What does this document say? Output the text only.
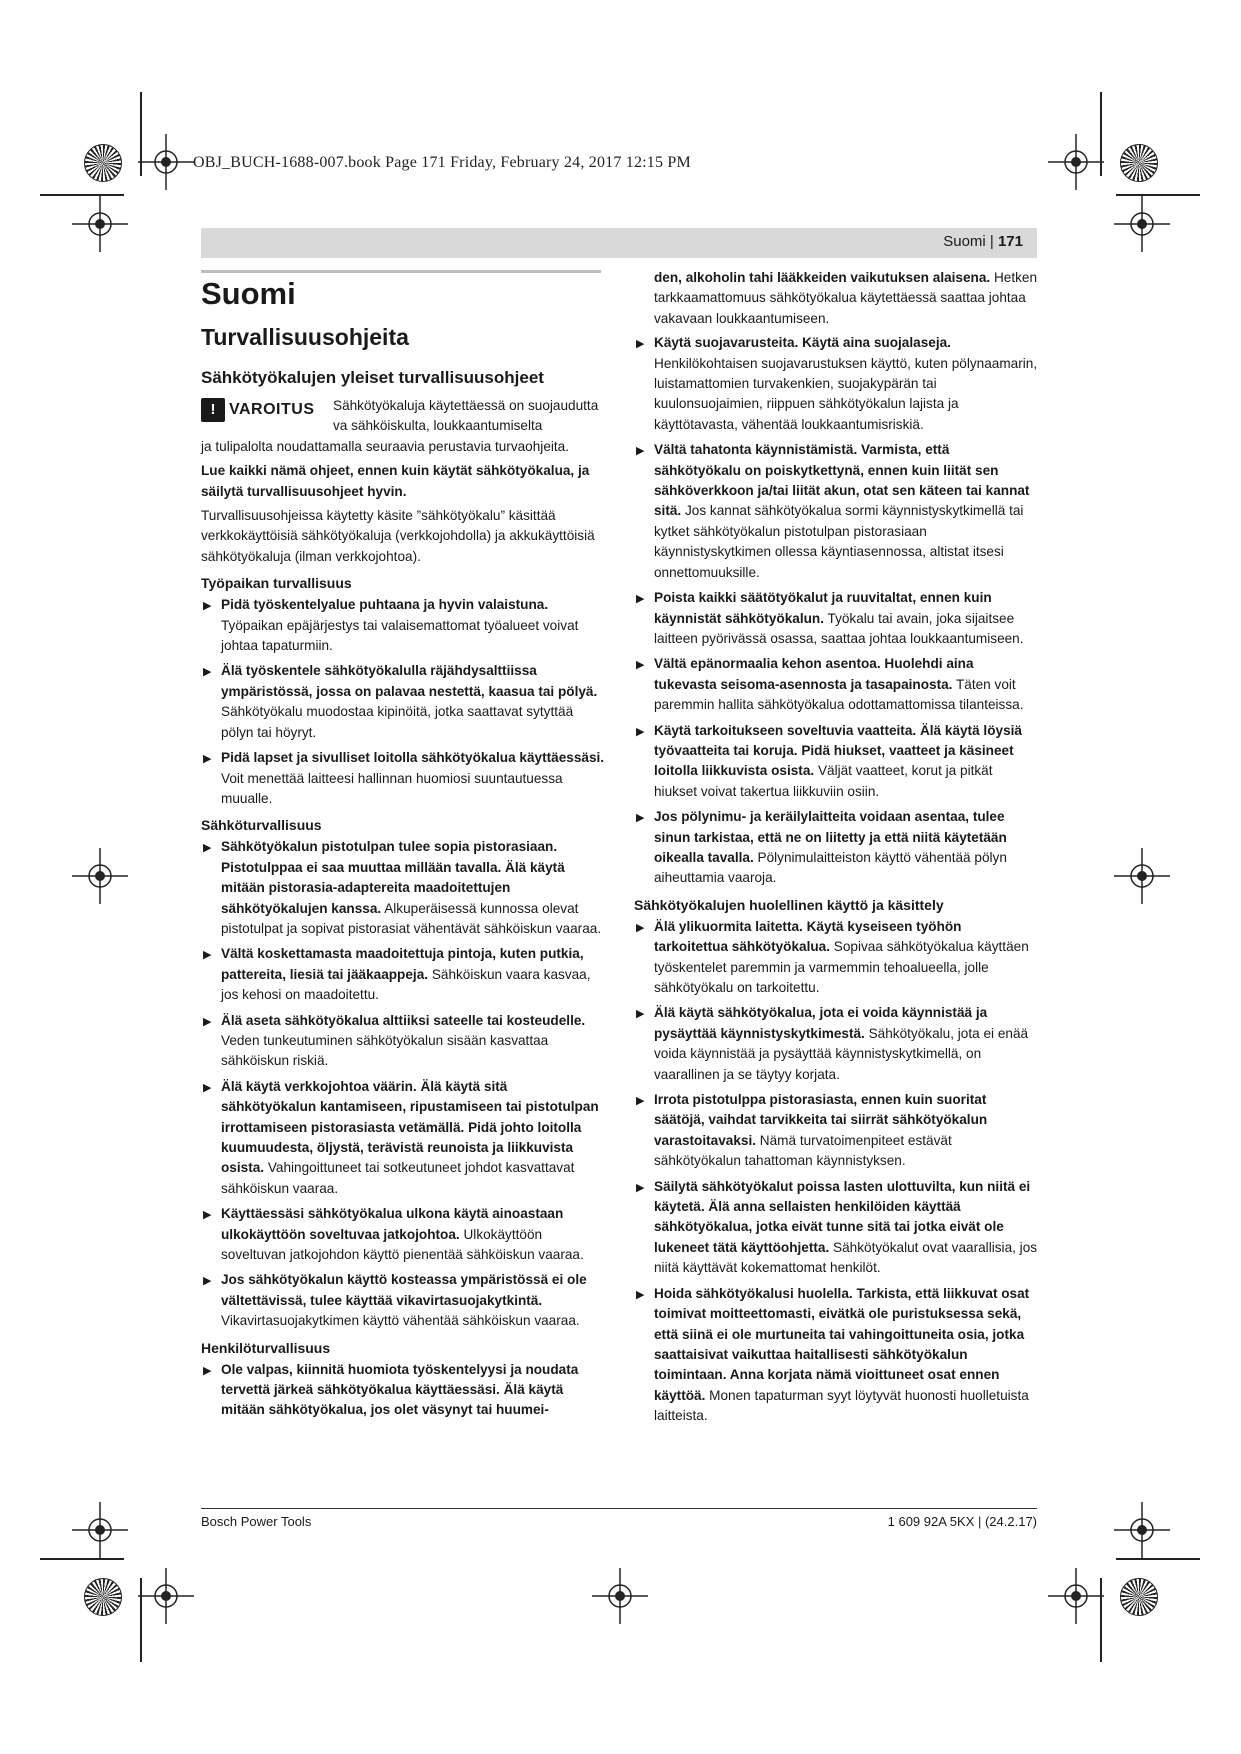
OBJ_BUCH-1688-007.book Page 171 Friday, February 24, 2017 12:15 PM
Suomi | 171
Suomi
Turvallisuusohjeita
Sähkötyökalujen yleiset turvallisuusohjeet
! VAROITUS Sähkötyökaluja käytettäessä on suojaudutta va sähköiskulta, loukkaantumiselta

ja tulipalolta noudattamalla seuraavia perustavia turvaohjeita.

Lue kaikki nämä ohjeet, ennen kuin käytät sähkötyökalua, ja säilytä turvallisuusohjeet hyvin.

Turvallisuusohjeissa käytetty käsite ”sähkötyökalu” käsittää verkkokäyttöisiä sähkötyökaluja (verkkojohdolla) ja akkukäyttöisiä sähkötyökaluja (ilman verkkojohtoa).

Työpaikan turvallisuus
▶ Pidä työskentelyalue puhtaana ja hyvin valaistuna. Työpaikan epäjärjestys tai valaisemattomat työalueet voivat johtaa tapaturmiin.
▶ Älä työskentele sähkötyökalulla räjähdysalttiissa ympäristössä, jossa on palavaa nestettä, kaasua tai pölyä. Sähkötyökalu muodostaa kipinöitä, jotka saattavat sytyttää pölyn tai höyryt.
▶ Pidä lapset ja sivulliset loitolla sähkötyökalua käyttäessäsi. Voit menettää laitteesi hallinnan huomiosi suuntautuessa muualle.
Sähköturvallisuus
▶ Sähkötyökalun pistotulpan tulee sopia pistorasiaan. Pistotulppaa ei saa muuttaa millään tavalla. Älä käytä mitään pistorasia-adaptereita maadoitettujen sähkötyökalujen kanssa. Alkuperäisessä kunnossa olevat pistotulpat ja sopivat pistorasiat vähentävät sähköiskun vaaraa.
▶ Vältä koskettamasta maadoitettuja pintoja, kuten putkia, pattereita, liesiä tai jääkaappeja. Sähköiskun vaara kasvaa, jos kehosi on maadoitettu.
▶ Älä aseta sähkötyökalua alttiiksi sateelle tai kosteudelle. Veden tunkeutuminen sähkötyökalun sisään kasvattaa sähköiskun riskiä.
▶ Älä käytä verkkojohtoa väärin. Älä käytä sitä sähkötyökalun kantamiseen, ripustamiseen tai pistotulpan irrottamiseen pistorasiasta vetämällä. Pidä johto loitolla kuumuudesta, öljystä, terävistä reunoista ja liikkuvista osista. Vahingoittuneet tai sotkeutuneet johdot kasvattavat sähköiskun vaaraa.
▶ Käyttäessäsi sähkötyökalua ulkona käytä ainoastaan ulkokäyttöön soveltuvaa jatkojohtoa. Ulkokäyttöön soveltuvan jatkojohdon käyttö pienentää sähköiskun vaaraa.
▶ Jos sähkötyökalun käyttö kosteassa ympäristössä ei ole vältettävissä, tulee käyttää vikavirtasuojakytkintä. Vikavirtasuojakytkimen käyttö vähentää sähköiskun vaaraa.
Henkilöturvallisuus
▶ Ole valpas, kiinnitä huomiota työskentelyysi ja noudata tervettä järkeä sähkötyökalua käyttäessäsi. Älä käytä mitään sähkötyökalua, jos olet väsynyt tai huumei-

den, alkoholin tahi lääkkeiden vaikutuksen alaisena. Hetken tarkkaamattomuus sähkötyökalua käytettäessä saattaa johtaa vakavaan loukkaantumiseen.

▶ Käytä suojavarusteita. Käytä aina suojalaseja. Henkilökohtaisen suojavarustuksen käyttö, kuten pölynaamarin, luistamattomien turvakenkien, suojakypärän tai kuulonsuojaimien, riippuen sähkötyökalun lajista ja käyttötavasta, vähentää loukkaantumisriskiä.
▶ Vältä tahatonta käynnistämistä. Varmista, että sähkötyökalu on poiskytkettynä, ennen kuin liität sen sähköverkkoon ja/tai liität akun, otat sen käteen tai kannat sitä. Jos kannat sähkötyökalua sormi käynnistyskytkimellä tai kytket sähkötyökalun pistotulpan pistorasiaan käynnistyskytkimen ollessa käyntiasennossa, altistat itsesi onnettomuuksille.
▶ Poista kaikki säätötyökalut ja ruuvitaltat, ennen kuin käynnistät sähkötyökalun. Työkalu tai avain, joka sijaitsee laitteen pyörivässä osassa, saattaa johtaa loukkaantumiseen.
▶ Vältä epänormaalia kehon asentoa. Huolehdi aina tukevasta seisoma-asennosta ja tasapainosta. Täten voit paremmin hallita sähkötyökalua odottamattomissa tilanteissa.
▶ Käytä tarkoitukseen soveltuvia vaatteita. Älä käytä löysiä työvaatteita tai koruja. Pidä hiukset, vaatteet ja käsineet loitolla liikkuvista osista. Väljät vaatteet, korut ja pitkät hiukset voivat takertua liikkuviin osiin.
▶ Jos pölynimu- ja keräilylaitteita voidaan asentaa, tulee sinun tarkistaa, että ne on liitetty ja että niitä käytetään oikealla tavalla. Pölynimulaitteiston käyttö vähentää pölyn aiheuttamia vaaroja.
Sähkötyökalujen huolellinen käyttö ja käsittely
▶ Älä ylikuormita laitetta. Käytä kyseiseen työhön tarkoitettua sähkötyökalua. Sopivaa sähkötyökalua käyttäen työskentelet paremmin ja varmemmin tehoalueella, jolle sähkötyökalu on tarkoitettu.
▶ Älä käytä sähkötyökalua, jota ei voida käynnistää ja pysäyttää käynnistyskytkimestä. Sähkötyökalu, jota ei enää voida käynnistää ja pysäyttää käynnistyskytkimellä, on vaarallinen ja se täytyy korjata.
▶ Irrota pistotulppa pistorasiasta, ennen kuin suoritat säätöjä, vaihdat tarvikkeita tai siirrät sähkötyökalun varastoitavaksi. Nämä turvatoimenpiteet estävät sähkötyökalun tahattoman käynnistyksen.
▶ Säilytä sähkötyökalut poissa lasten ulottuvilta, kun niitä ei käytetä. Älä anna sellaisten henkilöiden käyttää sähkötyökalua, jotka eivät tunne sitä tai jotka eivät ole lukeneet tätä käyttöohjetta. Sähkötyökalut ovat vaarallisia, jos niitä käyttävät kokemattomat henkilöt.
▶ Hoida sähkötyökalusi huolella. Tarkista, että liikkuvat osat toimivat moitteettomasti, eivätkä ole puristuksessa sekä, että siinä ei ole murtuneita tai vahingoittuneita osia, jotka saattaisivat vaikuttaa haitallisesti sähkötyökalun toimintaan. Anna korjata nämä vioittuneet osat ennen käyttöä. Monen tapaturman syyt löytyvät huonosti huolletuista laitteista.
Bosch Power Tools	1 609 92A 5KX | (24.2.17)
